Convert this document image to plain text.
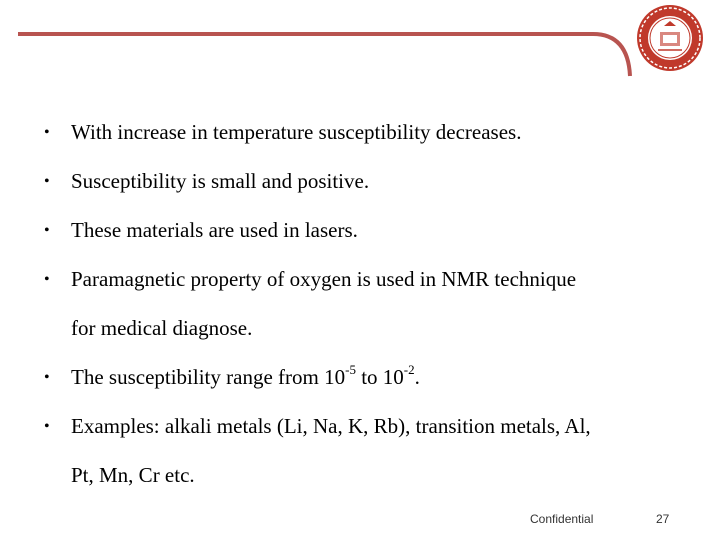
• With increase in temperature susceptibility decreases.
• Susceptibility is small and positive.
• These materials are used in lasers.
• Paramagnetic property of oxygen is used in NMR technique
for medical diagnose.
• The susceptibility range from $10^{-5}$ to $10^{-2}$.
• Examples: alkali metals (Li, Na, K, Rb), transition metals, Al,
Pt, Mn, Cr etc.
Confidential	27
